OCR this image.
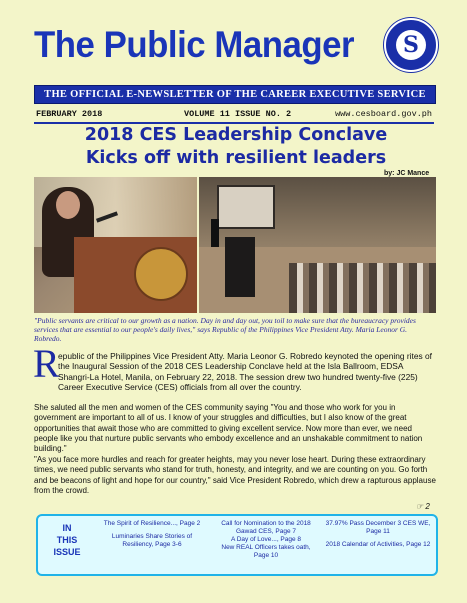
The Public Manager	S
THE OFFICIAL E-NEWSLETTER OF THE CAREER EXECUTIVE SERVICE
FEBRUARY 2018	VOLUME 11 ISSUE NO. 2	www.cesboard.gov.ph
2018 CES Leadership Conclave
Kicks off with resilient leaders
by: JC Mance
"Public servants are critical to our growth as a nation. Day in and day out, you toil to make sure that the bureaucracy provides services that are essential to our people's daily lives," says Republic of the Philippines Vice President Atty. Maria Leonor G. Robredo.
R
epublic of the Philippines Vice President Atty. Maria Leonor G. Robredo keynoted the opening rites of the Inaugural Session of the 2018 CES Leadership Conclave held at the Isla Ballroom, EDSA Shangri-La Hotel, Manila, on February 22, 2018. The session drew two hundred twenty-five (225) Career Executive Service (CES) officials from all over the country.
She saluted all the men and women of the CES community saying "You and those who work for you in government are important to all of us. I know of your struggles and difficulties, but I also know of the great opportunities that await those who are committed to giving excellent service. Now more than ever, we need people like you that nurture public servants who embody excellence and an unshakable commitment to nation building."
"As you face more hurdles and reach for greater heights, may you never lose heart. During these extraordinary times, we need public servants who stand for truth, honesty, and integrity, and we are counting on you. Go forth and be beacons of light and hope for our country," said Vice President Robredo, which drew a rapturous applause from the crowd.
☞ 2
IN
THIS
ISSUE
The Spirit of Resilience..., Page 2
Luminaries Share Stories of Resiliency, Page 3-6
Call for Nomination to the 2018 Gawad CES, Page 7
A Day of Love..., Page 8
New REAL Officers takes oath, Page 10
37.97% Pass December 3 CES WE, Page 11
2018 Calendar of Activities, Page 12
